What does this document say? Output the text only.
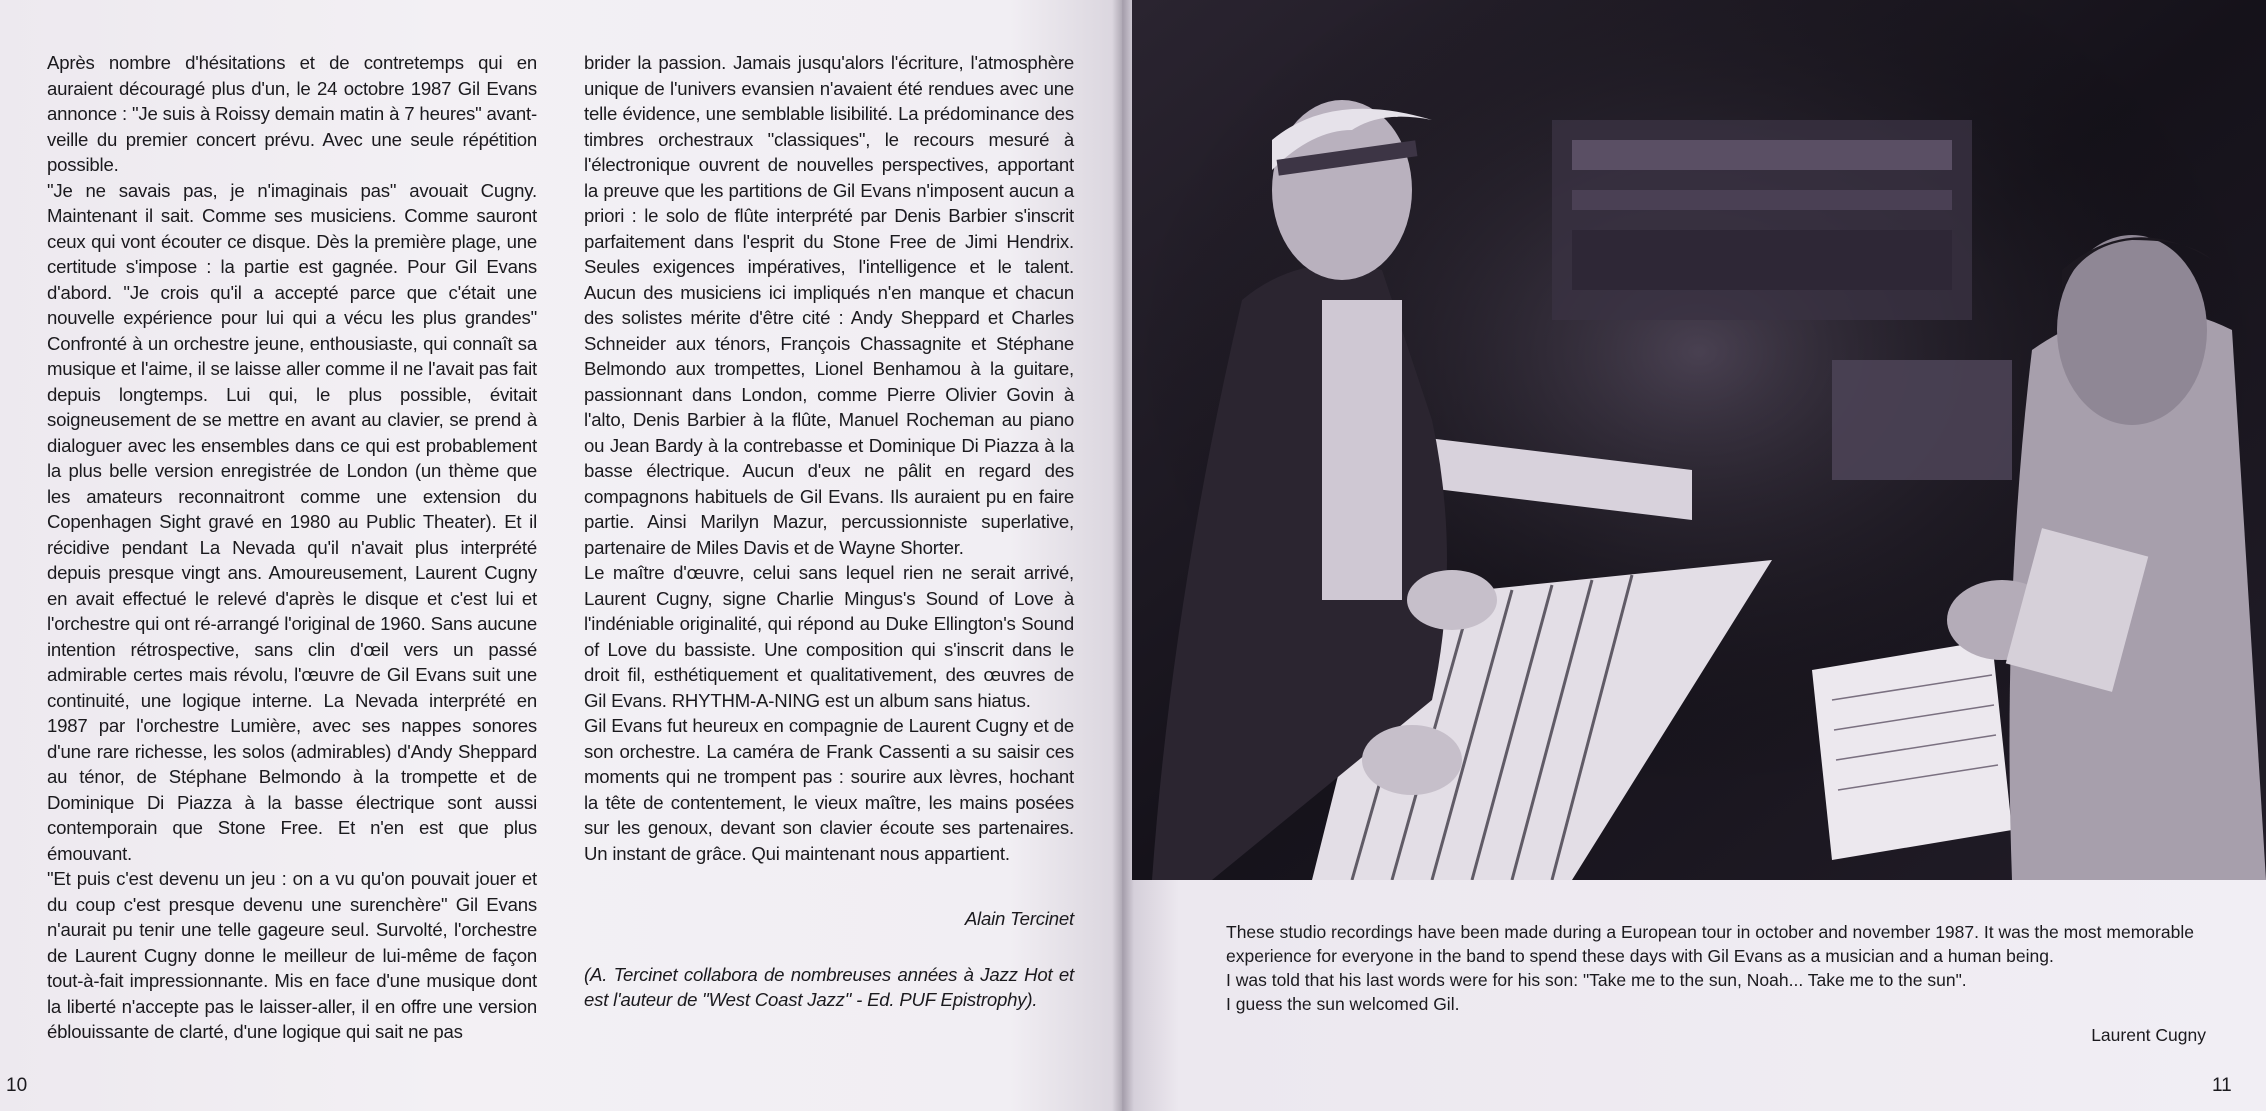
Après nombre d'hésitations et de contretemps qui en auraient découragé plus d'un, le 24 octobre 1987 Gil Evans annonce : "Je suis à Roissy demain matin à 7 heures" avant-veille du premier concert prévu. Avec une seule répétition possible.

"Je ne savais pas, je n'imaginais pas" avouait Cugny. Maintenant il sait. Comme ses musiciens. Comme sauront ceux qui vont écouter ce disque. Dès la première plage, une certitude s'impose : la partie est gagnée. Pour Gil Evans d'abord. "Je crois qu'il a accepté parce que c'était une nouvelle expérience pour lui qui a vécu les plus grandes" Confronté à un orchestre jeune, enthousiaste, qui connaît sa musique et l'aime, il se laisse aller comme il ne l'avait pas fait depuis longtemps. Lui qui, le plus possible, évitait soigneusement de se mettre en avant au clavier, se prend à dialoguer avec les ensembles dans ce qui est probablement la plus belle version enregistrée de London (un thème que les amateurs reconnaitront comme une extension du Copenhagen Sight gravé en 1980 au Public Theater). Et il récidive pendant La Nevada qu'il n'avait plus interprété depuis presque vingt ans. Amoureusement, Laurent Cugny en avait effectué le relevé d'après le disque et c'est lui et l'orchestre qui ont ré-arrangé l'original de 1960. Sans aucune intention rétrospective, sans clin d'œil vers un passé admirable certes mais révolu, l'œuvre de Gil Evans suit une continuité, une logique interne. La Nevada interprété en 1987 par l'orchestre Lumière, avec ses nappes sonores d'une rare richesse, les solos (admirables) d'Andy Sheppard au ténor, de Stéphane Belmondo à la trompette et de Dominique Di Piazza à la basse électrique sont aussi contemporain que Stone Free. Et n'en est que plus émouvant.

"Et puis c'est devenu un jeu : on a vu qu'on pouvait jouer et du coup c'est presque devenu une surenchère" Gil Evans n'aurait pu tenir une telle gageure seul. Survolté, l'orchestre de Laurent Cugny donne le meilleur de lui-même de façon tout-à-fait impressionnante. Mis en face d'une musique dont la liberté n'accepte pas le laisser-aller, il en offre une version éblouissante de clarté, d'une logique qui sait ne pas

brider la passion. Jamais jusqu'alors l'écriture, l'atmosphère unique de l'univers evansien n'avaient été rendues avec une telle évidence, une semblable lisibilité. La prédominance des timbres orchestraux "classiques", le recours mesuré à l'électronique ouvrent de nouvelles perspectives, apportant la preuve que les partitions de Gil Evans n'imposent aucun a priori : le solo de flûte interprété par Denis Barbier s'inscrit parfaitement dans l'esprit du Stone Free de Jimi Hendrix. Seules exigences impératives, l'intelligence et le talent. Aucun des musiciens ici impliqués n'en manque et chacun des solistes mérite d'être cité : Andy Sheppard et Charles Schneider aux ténors, François Chassagnite et Stéphane Belmondo aux trompettes, Lionel Benhamou à la guitare, passionnant dans London, comme Pierre Olivier Govin à l'alto, Denis Barbier à la flûte, Manuel Rocheman au piano ou Jean Bardy à la contrebasse et Dominique Di Piazza à la basse électrique. Aucun d'eux ne pâlit en regard des compagnons habituels de Gil Evans. Ils auraient pu en faire partie. Ainsi Marilyn Mazur, percussionniste superlative, partenaire de Miles Davis et de Wayne Shorter.

Le maître d'œuvre, celui sans lequel rien ne serait arrivé, Laurent Cugny, signe Charlie Mingus's Sound of Love à l'indéniable originalité, qui répond au Duke Ellington's Sound of Love du bassiste. Une composition qui s'inscrit dans le droit fil, esthétiquement et qualitativement, des œuvres de Gil Evans. RHYTHM-A-NING est un album sans hiatus.

Gil Evans fut heureux en compagnie de Laurent Cugny et de son orchestre. La caméra de Frank Cassenti a su saisir ces moments qui ne trompent pas : sourire aux lèvres, hochant la tête de contentement, le vieux maître, les mains posées sur les genoux, devant son clavier écoute ses partenaires. Un instant de grâce. Qui maintenant nous appartient.

Alain Tercinet

(A. Tercinet collabora de nombreuses années à Jazz Hot et est l'auteur de "West Coast Jazz" - Ed. PUF Epistrophy).

10

These studio recordings have been made during a European tour in october and november 1987. It was the most memorable experience for everyone in the band to spend these days with Gil Evans as a musician and a human being.

I was told that his last words were for his son: "Take me to the sun, Noah... Take me to the sun".

I guess the sun welcomed Gil.

Laurent Cugny
11
